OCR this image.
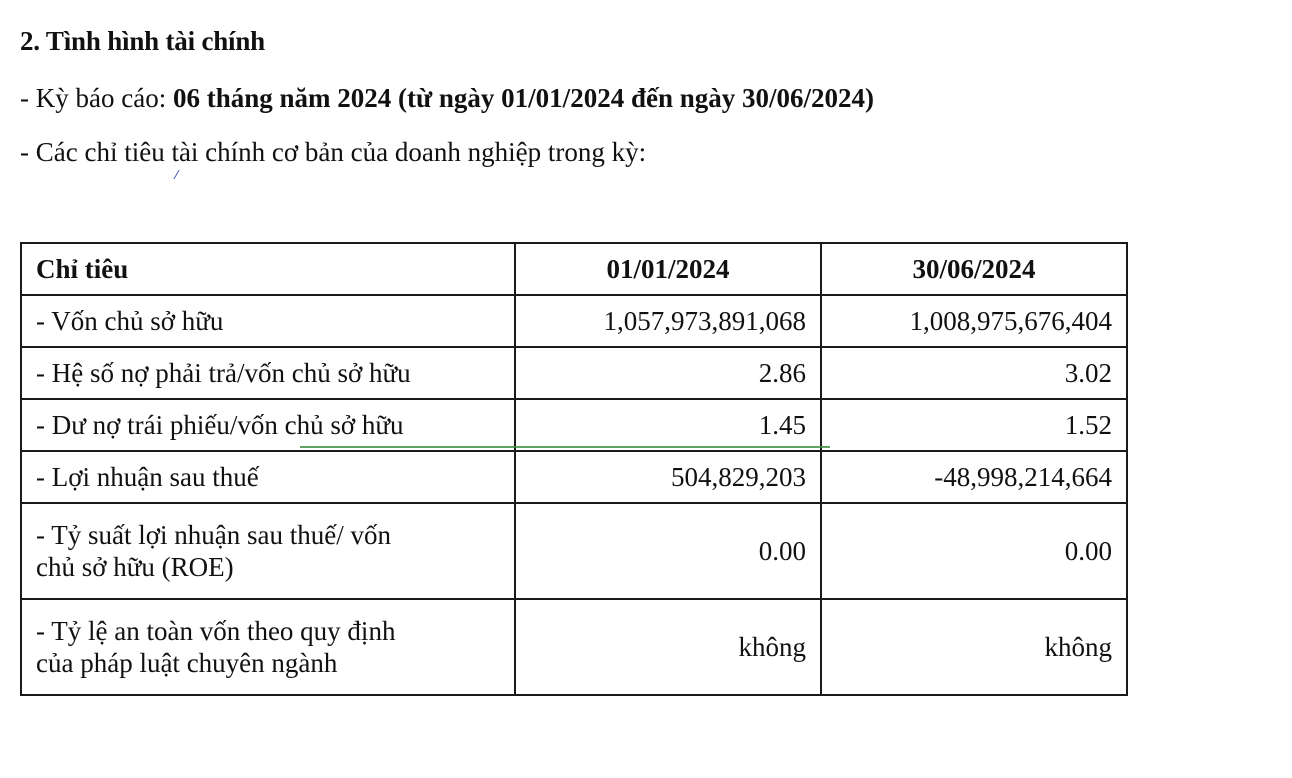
2. Tình hình tài chính
- Kỳ báo cáo: 06 tháng năm 2024 (từ ngày 01/01/2024 đến ngày 30/06/2024)
- Các chỉ tiêu tài chính cơ bản của doanh nghiệp trong kỳ:
Chỉ tiêu	01/01/2024	30/06/2024
- Vốn chủ sở hữu	1,057,973,891,068	1,008,975,676,404
- Hệ số nợ phải trả/vốn chủ sở hữu	2.86	3.02
- Dư nợ trái phiếu/vốn chủ sở hữu	1.45	1.52
- Lợi nhuận sau thuế	504,829,203	-48,998,214,664

- Tỷ suất lợi nhuận sau thuế/ vốn
chủ sở hữu (ROE)	0.00	0.00

- Tỷ lệ an toàn vốn theo quy định
của pháp luật chuyên ngành	không	không
